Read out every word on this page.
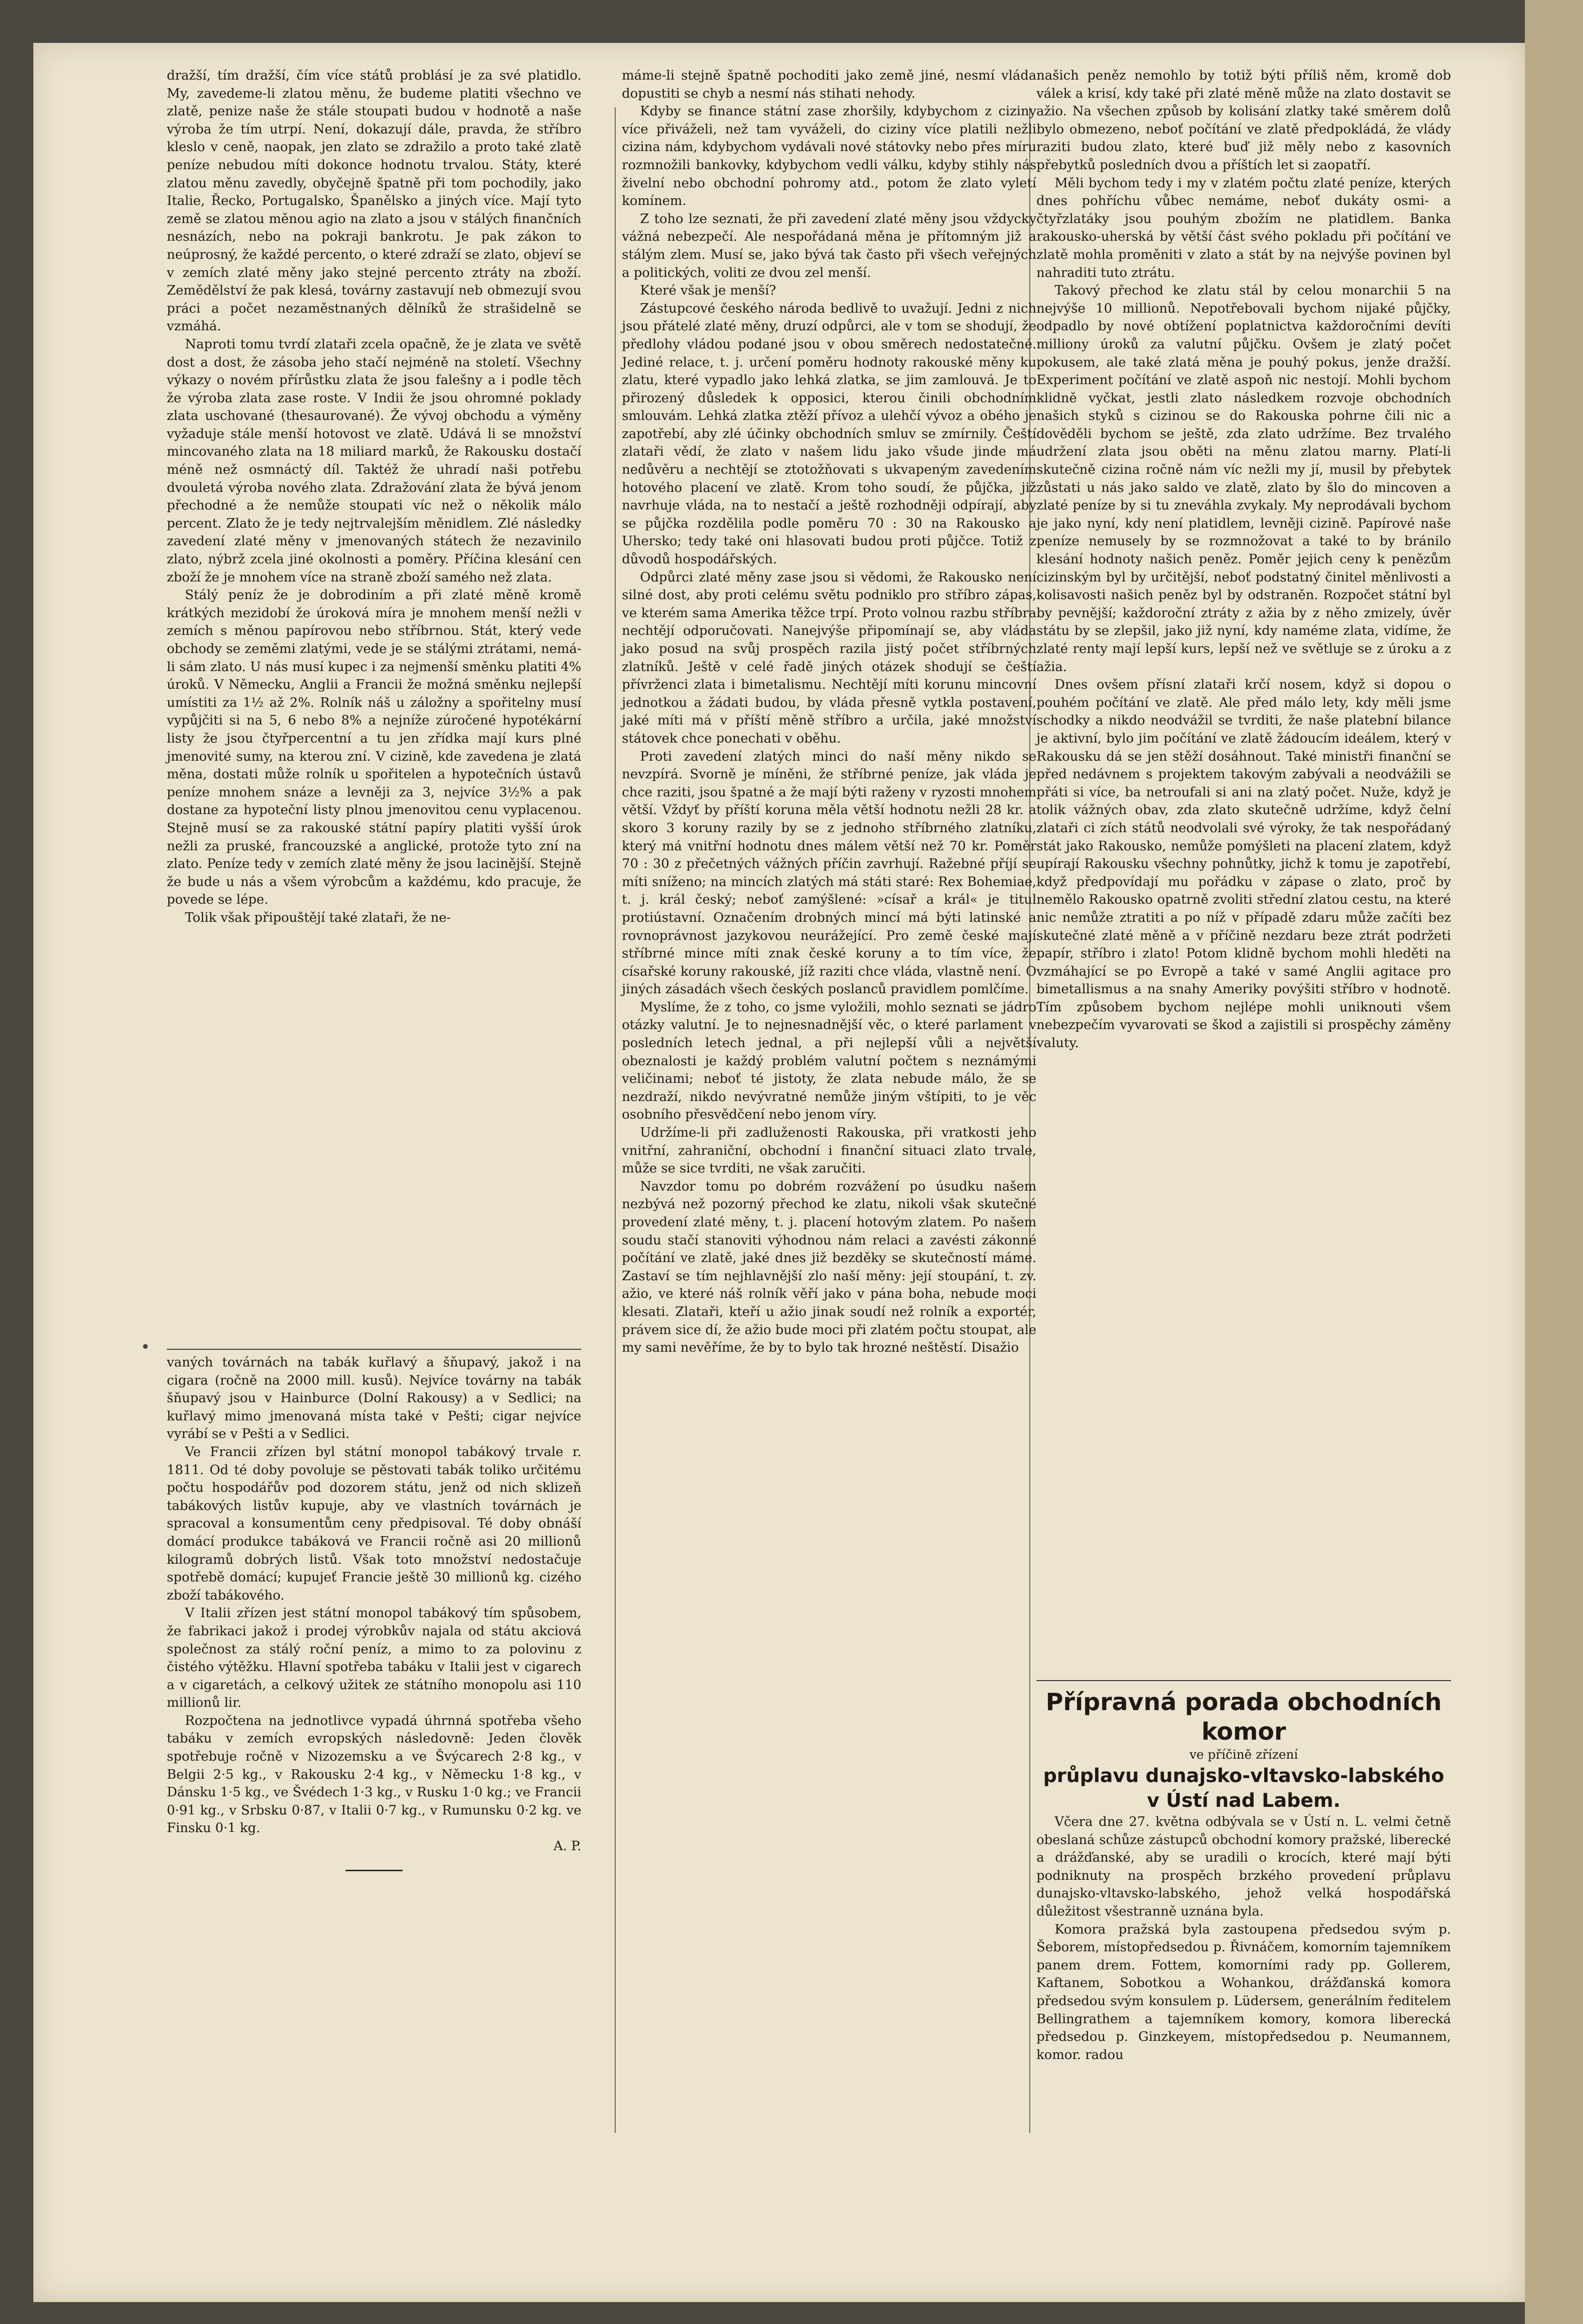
dražší, tím dražší, čím více států problásí je za své platidlo. My, zavedeme-li zlatou měnu, že budeme platiti všechno ve zlatě, penize naše že stále stoupati budou v hodnotě a naše výroba že tím utrpí. Není, dokazují dále, pravda, že stříbro kleslo v ceně, naopak, jen zlato se zdražilo a proto také zlatě peníze nebudou míti dokonce hodnotu trvalou. Státy, které zlatou měnu zavedly, obyčejně špatně při tom pochodily, jako Italie, Řecko, Portugalsko, Španělsko a jiných více. Mají tyto země se zlatou měnou agio na zlato a jsou v stálých finančních nesnázích, nebo na pokraji bankrotu. Je pak zákon to neúprosný, že každé percento, o které zdraží se zlato, objeví se v zemích zlaté měny jako stejné percento ztráty na zboží. Zemědělství že pak klesá, továrny zastavují neb obmezují svou práci a počet nezaměstnaných dělníků že strašidelně se vzmáhá.

Naproti tomu tvrdí zlataři zcela opačně, že je zlata ve světě dost a dost, že zásoba jeho stačí nejméně na století. Všechny výkazy o novém přírůstku zlata že jsou falešny a i podle těch že výroba zlata zase roste. V Indii že jsou ohromné poklady zlata uschované (thesaurované). Že vývoj obchodu a výměny vyžaduje stále menší hotovost ve zlatě. Udává li se množství mincovaného zlata na 18 miliard marků, že Rakousku dostačí méně než osmnáctý díl. Taktéž že uhradí naši potřebu dvouletá výroba nového zlata. Zdražování zlata že bývá jenom přechodné a že nemůže stoupati víc než o několik málo percent. Zlato že je tedy nejtrvalejším měnidlem. Zlé následky zavedení zlaté měny v jmenovaných státech že nezavinilo zlato, nýbrž zcela jiné okolnosti a poměry. Příčina klesání cen zboží že je mnohem více na straně zboží samého než zlata.

Stálý peníz že je dobrodiním a při zlaté měně kromě krátkých mezidobí že úroková míra je mnohem menší nežli v zemích s měnou papírovou nebo stříbrnou. Stát, který vede obchody se zeměmi zlatými, vede je se stálými ztrátami, nemá-li sám zlato. U nás musí kupec i za nejmenší směnku platiti 4% úroků. V Německu, Anglii a Francii že možná směnku nejlepší umístiti za 1½ až 2%. Rolník náš u záložny a spořitelny musí vypůjčiti si na 5, 6 nebo 8% a nejníže zúročené hypotékární listy že jsou čtyřpercentní a tu jen zřídka mají kurs plné jmenovité sumy, na kterou zní. V cizině, kde zavedena je zlatá měna, dostati může rolník u spořitelen a hypotečních ústavů peníze mnohem snáze a levněji za 3, nejvíce 3½% a pak dostane za hypoteční listy plnou jmenovitou cenu vyplacenou. Stejně musí se za rakouské státní papíry platiti vyšší úrok nežli za pruské, francouzské a anglické, protože tyto zní na zlato. Peníze tedy v zemích zlaté měny že jsou lacinější. Stejně že bude u nás a všem výrobcům a každému, kdo pracuje, že povede se lépe.

Tolik však připouštějí také zlataři, že ne-

vaných továrnách na tabák kuřlavý a šňupavý, jakož i na cigara (ročně na 2000 mill. kusů). Nejvíce továrny na tabák šňupavý jsou v Hainburce (Dolní Rakousy) a v Sedlici; na kuřlavý mimo jmenovaná místa také v Pešti; cigar nejvíce vyrábí se v Pešti a v Sedlici.

Ve Francii zřízen byl státní monopol tabákový trvale r. 1811. Od té doby povoluje se pěstovati tabák toliko určitému počtu hospodářův pod dozorem státu, jenž od nich sklizeň tabákových listův kupuje, aby ve vlastních továrnách je spracoval a konsumentům ceny předpisoval. Té doby obnáší domácí produkce tabáková ve Francii ročně asi 20 millionů kilogramů dobrých listů. Však toto množství nedostačuje spotřebě domácí; kupujeť Francie ještě 30 millionů kg. cizého zboží tabákového.

V Italii zřízen jest státní monopol tabákový tím spůsobem, že fabrikaci jakož i prodej výrobkův najala od státu akciová společnost za stálý roční peníz, a mimo to za polovinu z čistého výtěžku. Hlavní spotřeba tabáku v Italii jest v cigarech a v cigaretách, a celkový užitek ze státního monopolu asi 110 millionů lir.

Rozpočtena na jednotlivce vypadá úhrnná spotřeba všeho tabáku v zemích evropských následovně: Jeden člověk spotřebuje ročně v Nizozemsku a ve Švýcarech 2·8 kg., v Belgii 2·5 kg., v Rakousku 2·4 kg., v Německu 1·8 kg., v Dánsku 1·5 kg., ve Švédech 1·3 kg., v Rusku 1·0 kg.; ve Francii 0·91 kg., v Srbsku 0·87, v Italii 0·7 kg., v Rumunsku 0·2 kg. ve Finsku 0·1 kg.

A. P.

máme-li stejně špatně pochoditi jako země jiné, nesmí vláda dopustiti se chyb a nesmí nás stihati nehody.

Kdyby se finance státní zase zhoršily, kdybychom z ciziny více přiváželi, než tam vyváželi, do ciziny více platili nežli cizina nám, kdybychom vydávali nové státovky nebo přes míru rozmnožili bankovky, kdybychom vedli válku, kdyby stihly nás živelní nebo obchodní pohromy atd., potom že zlato vyletí komínem.

Z toho lze seznati, že při zavedení zlaté měny jsou vždycky vážná nebezpečí. Ale nespořádaná měna je přítomným již a stálým zlem. Musí se, jako bývá tak často při všech veřejných a politických, voliti ze dvou zel menší.

Které však je menší?

Zástupcové českého národa bedlivě to uvažují. Jedni z nich jsou přátelé zlaté měny, druzí odpůrci, ale v tom se shodují, že předlohy vládou podané jsou v obou směrech nedostatečné. Jediné relace, t. j. určení poměru hodnoty rakouské měny ku zlatu, které vypadlo jako lehká zlatka, se jim zamlouvá. Je to přirozený důsledek k opposici, kterou činili obchodním smlouvám. Lehká zlatka ztěží přívoz a ulehčí vývoz a obého je zapotřebí, aby zlé účinky obchodních smluv se zmírnily. Čeští zlataři vědí, že zlato v našem lidu jako všude jinde má nedůvěru a nechtějí se ztotožňovati s ukvapeným zavedením hotového placení ve zlatě. Krom toho soudí, že půjčka, již navrhuje vláda, na to nestačí a ještě rozhodněji odpírají, aby se půjčka rozdělila podle poměru 70 : 30 na Rakousko a Uhersko; tedy také oni hlasovati budou proti půjčce. Totiž z důvodů hospodářských.

Odpůrci zlaté měny zase jsou si vědomi, že Rakousko není silné dost, aby proti celému světu podniklo pro stříbro zápas, ve kterém sama Amerika těžce trpí. Proto volnou razbu stříbra nechtějí odporučovati. Nanejvýše připomínají se, aby vláda jako posud na svůj prospěch razila jistý počet stříbrných zlatníků. Ještě v celé řadě jiných otázek shodují se čeští přívrženci zlata i bimetalismu. Nechtějí míti korunu mincovní jednotkou a žádati budou, by vláda přesně vytkla postavení, jaké míti má v příští měně stříbro a určila, jaké množství státovek chce ponechati v oběhu.

Proti zavedení zlatých minci do naší měny nikdo se nevzpírá. Svorně je míněni, že stříbrné peníze, jak vláda je chce raziti, jsou špatné a že mají býti raženy v ryzosti mnohem větší. Vždyť by příští koruna měla větší hodnotu nežli 28 kr. a skoro 3 koruny razily by se z jednoho stříbrného zlatníku, který má vnitřní hodnotu dnes málem větší než 70 kr. Poměr 70 : 30 z přečetných vážných příčin zavrhují. Ražebné příjí se míti sníženo; na mincích zlatých má státi staré: Rex Bohemiae, t. j. král český; neboť zamýšlené: »císař a král« je titul protiústavní. Označením drobných mincí má býti latinské a rovnoprávnost jazykovou neurážející. Pro země české mají stříbrné mince míti znak české koruny a to tím více, že císařské koruny rakouské, jíž raziti chce vláda, vlastně není. O jiných zásadách všech českých poslanců pravidlem pomlčíme.

Myslíme, že z toho, co jsme vyložili, mohlo seznati se jádro otázky valutní. Je to nejnesnadnější věc, o které parlament v posledních letech jednal, a při nejlepší vůli a největší obeznalosti je každý problém valutní počtem s neznámými veličinami; neboť té jistoty, že zlata nebude málo, že se nezdraží, nikdo nevývratné nemůže jiným vštípiti, to je věc osobního přesvědčení nebo jenom víry.

Udržíme-li při zadluženosti Rakouska, při vratkosti jeho vnitřní, zahraniční, obchodní i finanční situaci zlato trvale, může se sice tvrditi, ne však zaručiti.

Navzdor tomu po dobrém rozvážení po úsudku našem nezbývá než pozorný přechod ke zlatu, nikoli však skutečné provedení zlaté měny, t. j. placení hotovým zlatem. Po našem soudu stačí stanoviti výhodnou nám relaci a zavésti zákonné počítání ve zlatě, jaké dnes již bezděky se skutečností máme. Zastaví se tím nejhlavnější zlo naší měny: její stoupání, t. zv. ažio, ve které náš rolník věří jako v pána boha, nebude moci klesati. Zlataři, kteří u ažio jinak soudí než rolník a exportér, právem sice dí, že ažio bude moci při zlatém počtu stoupat, ale my sami nevěříme, že by to bylo tak hrozné neštěstí. Disažio

našich peněz nemohlo by totiž býti příliš něm, kromě dob válek a krisí, kdy také při zlaté měně může na zlato dostavit se ažio. Na všechen způsob by kolisání zlatky také směrem dolů bylo obmezeno, neboť počítání ve zlatě předpokládá, že vlády raziti budou zlato, které buď již měly nebo z kasovních přebytků posledních dvou a příštích let si zaopatří.

Měli bychom tedy i my v zlatém počtu zlaté peníze, kterých dnes pohříchu vůbec nemáme, neboť dukáty osmi- a čtyřzlatáky jsou pouhým zbožím ne platidlem. Banka rakousko-uherská by větší část svého pokladu při počítání ve zlatě mohla proměniti v zlato a stát by na nejvýše povinen byl nahraditi tuto ztrátu.

Takový přechod ke zlatu stál by celou monarchii 5 na nejvýše 10 millionů. Nepotřebovali bychom nijaké půjčky, odpadlo by nové obtížení poplatnictva každoročními devíti milliony úroků za valutní půjčku. Ovšem je zlatý počet pokusem, ale také zlatá měna je pouhý pokus, jenže dražší. Experiment počítání ve zlatě aspoň nic nestojí. Mohli bychom klidně vyčkat, jestli zlato následkem rozvoje obchodních našich styků s cizinou se do Rakouska pohrne čili nic a dověděli bychom se ještě, zda zlato udržíme. Bez trvalého udržení zlata jsou oběti na měnu zlatou marny. Platí-li skutečně cizina ročně nám víc nežli my jí, musil by přebytek zůstati u nás jako saldo ve zlatě, zlato by šlo do mincoven a zlaté peníze by si tu zneváhla zvykaly. My neprodávali bychom je jako nyní, kdy není platidlem, levněji cizině. Papírové naše peníze nemusely by se rozmnožovat a také to by bránilo klesání hodnoty našich peněz. Poměr jejich ceny k penězům cizinským byl by určitější, neboť podstatný činitel měnlivosti a kolisavosti našich peněz byl by odstraněn. Rozpočet státní byl by pevnější; každoroční ztráty z ažia by z něho zmizely, úvěr státu by se zlepšil, jako již nyní, kdy naméme zlata, vidíme, že zlaté renty mají lepší kurs, lepší než ve světluje se z úroku a z ažia.

Dnes ovšem přísní zlataři krčí nosem, když si dopou o pouhém počítání ve zlatě. Ale před málo lety, kdy měli jsme schodky a nikdo neodvážil se tvrditi, že naše platební bilance je aktivní, bylo jim počítání ve zlatě žádoucím ideálem, který v Rakousku dá se jen stěží dosáhnout. Také ministři finanční se před nedávnem s projektem takovým zabývali a neodvážili se přáti si více, ba netroufali si ani na zlatý počet. Nuže, když je tolik vážných obav, zda zlato skutečně udržíme, když čelní zlataři ci zích států neodvolali své výroky, že tak nespořádaný stát jako Rakousko, nemůže pomýšleti na placení zlatem, když upírají Rakousku všechny pohnůtky, jichž k tomu je zapotřebí, když předpovídají mu pořádku v zápase o zlato, proč by nemělo Rakousko opatrně zvoliti střední zlatou cestu, na které nic nemůže ztratiti a po níž v případě zdaru může začíti bez skutečné zlaté měně a v příčině nezdaru beze ztrát podržeti papír, stříbro i zlato! Potom klidně bychom mohli hleděti na vzmáhající se po Evropě a také v samé Anglii agitace pro bimetallismus a na snahy Ameriky povýšiti stříbro v hodnotě. Tím způsobem bychom nejlépe mohli uniknouti všem nebezpečím vyvarovati se škod a zajistili si prospěchy záměny valuty.

Přípravná porada obchodních komor
ve příčině zřízení
průplavu dunajsko-vltavsko-labského
v Ústí nad Labem.

Včera dne 27. května odbývala se v Ústí n. L. velmi četně obeslaná schůze zástupců obchodní komory pražské, liberecké a drážďanské, aby se uradili o krocích, které mají býti podniknuty na prospěch brzkého provedení průplavu dunajsko-vltavsko-labského, jehož velká hospodářská důležitost všestranně uznána byla.

Komora pražská byla zastoupena předsedou svým p. Šeborem, místopředsedou p. Řivnáčem, komorním tajemníkem panem drem. Fottem, komorními rady pp. Gollerem, Kaftanem, Sobotkou a Wohankou, drážďanská komora předsedou svým konsulem p. Lüdersem, generálním ředitelem Bellingrathem a tajemníkem komory, komora liberecká předsedou p. Ginzkeyem, místopředsedou p. Neumannem, komor. radou
